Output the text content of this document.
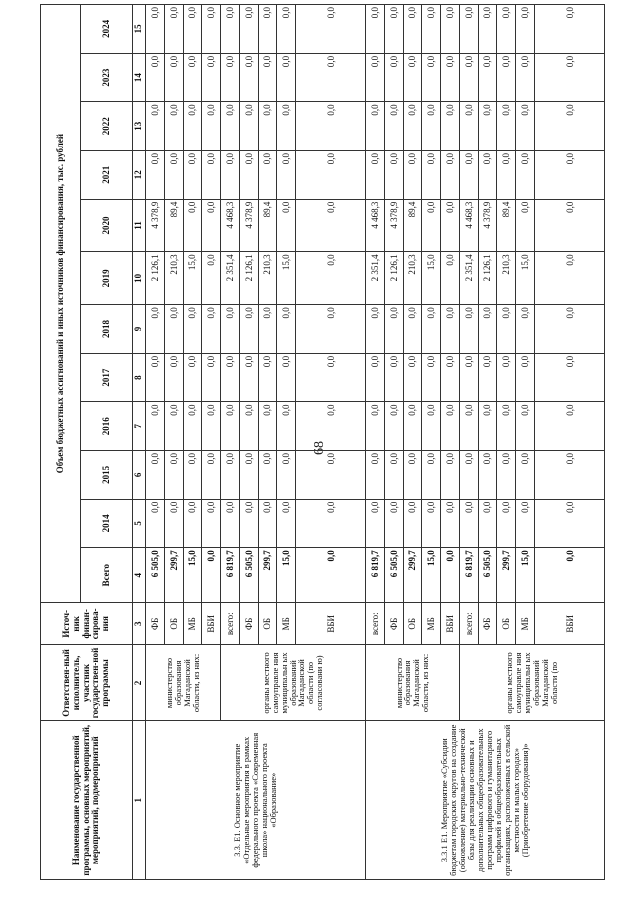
68
Наименование государственной программы, основных мероприятий, мероприятий, подмероприятий	Ответствен-ный исполнитель, участник государствен-ной программы	Источ-ник финан-сирова-ния	Объем бюджетных ассигнований и иных источников финансирования, тыс. рублей											
			Всего	2014	2015	2016	2017	2018	2019	2020	2021	2022	2023	2024
1	2	3	4	5	6	7	8	9	10	11	12	13	14	15
3.3. Е1. Основное мероприятие «Отдельные мероприятия в рамках федерального проекта «Современная школа» национального проекта «Образование»	министерство образования Магаданской области, из них:	ФБ	6 505,0	0,0	0,0	0,0	0,0	0,0	2 126,1	4 378,9	0,0	0,0	0,0	0,0
		ОБ	299,7	0,0	0,0	0,0	0,0	0,0	210,3	89,4	0,0	0,0	0,0	0,0
		МБ	15,0	0,0	0,0	0,0	0,0	0,0	15,0	0,0	0,0	0,0	0,0	0,0
		ВБИ	0,0	0,0	0,0	0,0	0,0	0,0	0,0	0,0	0,0	0,0	0,0	0,0
	органы местного самоуправле ния муниципальн ых образований Магаданской области (по согласовани ю)	всего:	6 819,7	0,0	0,0	0,0	0,0	0,0	2 351,4	4 468,3	0,0	0,0	0,0	0,0
		ФБ	6 505,0	0,0	0,0	0,0	0,0	0,0	2 126,1	4 378,9	0,0	0,0	0,0	0,0
		ОБ	299,7	0,0	0,0	0,0	0,0	0,0	210,3	89,4	0,0	0,0	0,0	0,0
		МБ	15,0	0,0	0,0	0,0	0,0	0,0	15,0	0,0	0,0	0,0	0,0	0,0
		ВБИ	0,0	0,0	0,0	0,0	0,0	0,0	0,0	0,0	0,0	0,0	0,0	0,0
3.3.1 Е1. Мероприятие «Субсидии бюджетам городских округов на создание (обновление) материально-технической базы для реализации основных и дополнительных общеобразовательных программ цифрового и гуманитарного профилей в общеобразовательных организациях, расположенных в сельской местности и малых городах» (Приобретение оборудования)»	министерство образования Магаданской области, из них:	всего:	6 819,7	0,0	0,0	0,0	0,0	0,0	2 351,4	4 468,3	0,0	0,0	0,0	0,0
		ФБ	6 505,0	0,0	0,0	0,0	0,0	0,0	2 126,1	4 378,9	0,0	0,0	0,0	0,0
		ОБ	299,7	0,0	0,0	0,0	0,0	0,0	210,3	89,4	0,0	0,0	0,0	0,0
		МБ	15,0	0,0	0,0	0,0	0,0	0,0	15,0	0,0	0,0	0,0	0,0	0,0
		ВБИ	0,0	0,0	0,0	0,0	0,0	0,0	0,0	0,0	0,0	0,0	0,0	0,0
	органы местного самоуправле ния муниципальн ых образований Магаданской области (по	всего:	6 819,7	0,0	0,0	0,0	0,0	0,0	2 351,4	4 468,3	0,0	0,0	0,0	0,0
		ФБ	6 505,0	0,0	0,0	0,0	0,0	0,0	2 126,1	4 378,9	0,0	0,0	0,0	0,0
		ОБ	299,7	0,0	0,0	0,0	0,0	0,0	210,3	89,4	0,0	0,0	0,0	0,0
		МБ	15,0	0,0	0,0	0,0	0,0	0,0	15,0	0,0	0,0	0,0	0,0	0,0
		ВБИ	0,0	0,0	0,0	0,0	0,0	0,0	0,0	0,0	0,0	0,0	0,0	0,0
